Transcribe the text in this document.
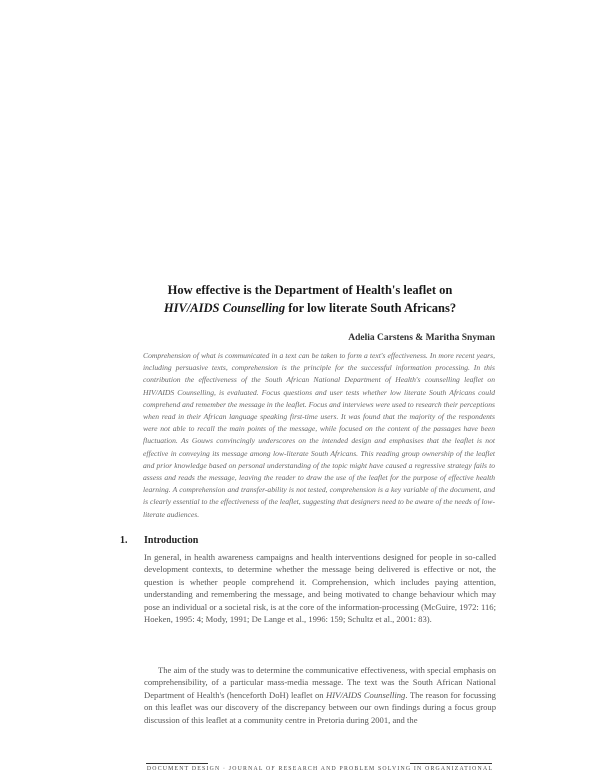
How effective is the Department of Health's leaflet on
HIV/AIDS Counselling for low literate South Africans?
Adelia Carstens & Maritha Snyman
Comprehension of what is communicated in a text can be taken to form a text's effectiveness. In more recent years, including persuasive texts, comprehension is the principle for the successful information processing. In this contribution the effectiveness of the South African National Department of Health's counselling leaflet on HIV/AIDS Counselling, is evaluated. Focus questions and user tests whether low literate South Africans could comprehend and remember the message in the leaflet. Focus and interviews were used to research their perceptions when read in their African language speaking first-time users. It was found that the majority of the respondents were not able to recall the main points of the message, while focused on the content of the passages have been fluctuation. As Gouws convincingly underscores on the intended design and emphasises that the leaflet is not effective in conveying its message among low-literate South Africans. This reading group ownership of the leaflet and prior knowledge based on personal understanding of the topic might have caused a regressive strategy fails to assess and reads the message, leaving the reader to draw the use of the leaflet for the purpose of effective health learning. A comprehension and transfer-ability is not tested, comprehension is a key variable of the document, and is clearly essential to the effectiveness of the leaflet, suggesting that designers need to be aware of the needs of low-literate audiences.
1. Introduction
In general, in health awareness campaigns and health interventions designed for people in so-called development contexts, to determine whether the message being delivered is effective or not, the question is whether people comprehend it. Comprehension, which includes paying attention, understanding and remembering the message, and being motivated to change behaviour which may pose an individual or a societal risk, is at the core of the information-processing (McGuire, 1972: 116; Hoeken, 1995: 4; Mody, 1991; De Lange et al., 1996: 159; Schultz et al., 2001: 83).
The aim of the study was to determine the communicative effectiveness, with special emphasis on comprehensibility, of a particular mass-media message. The text was the South African National Department of Health's (henceforth DoH) leaflet on HIV/AIDS Counselling. The reason for focussing on this leaflet was our discovery of the discrepancy between our own findings during a focus group discussion of this leaflet at a community centre in Pretoria during 2001, and the
DOCUMENT DESIGN · JOURNAL OF RESEARCH AND PROBLEM SOLVING IN ORGANIZATIONAL
